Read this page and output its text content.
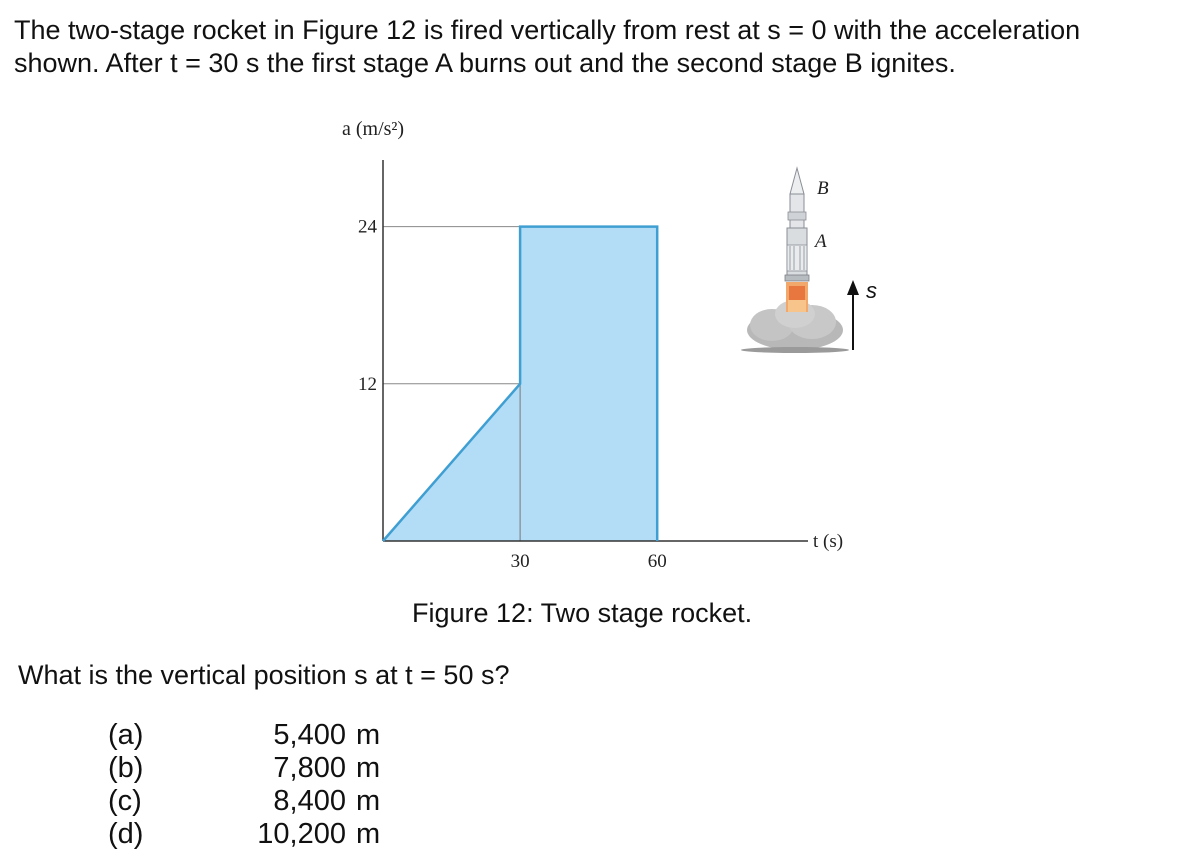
The two-stage rocket in Figure 12 is fired vertically from rest at s = 0 with the acceleration
shown. After t = 30 s the first stage A burns out and the second stage B ignites.
a (m/s²)
t (s)
24
12
30	60
B
A
s
Figure 12: Two stage rocket.
What is the vertical position s at t = 50 s?
(a)	5,400 m
(b)	7,800 m
(c)	8,400 m
(d)	10,200 m
